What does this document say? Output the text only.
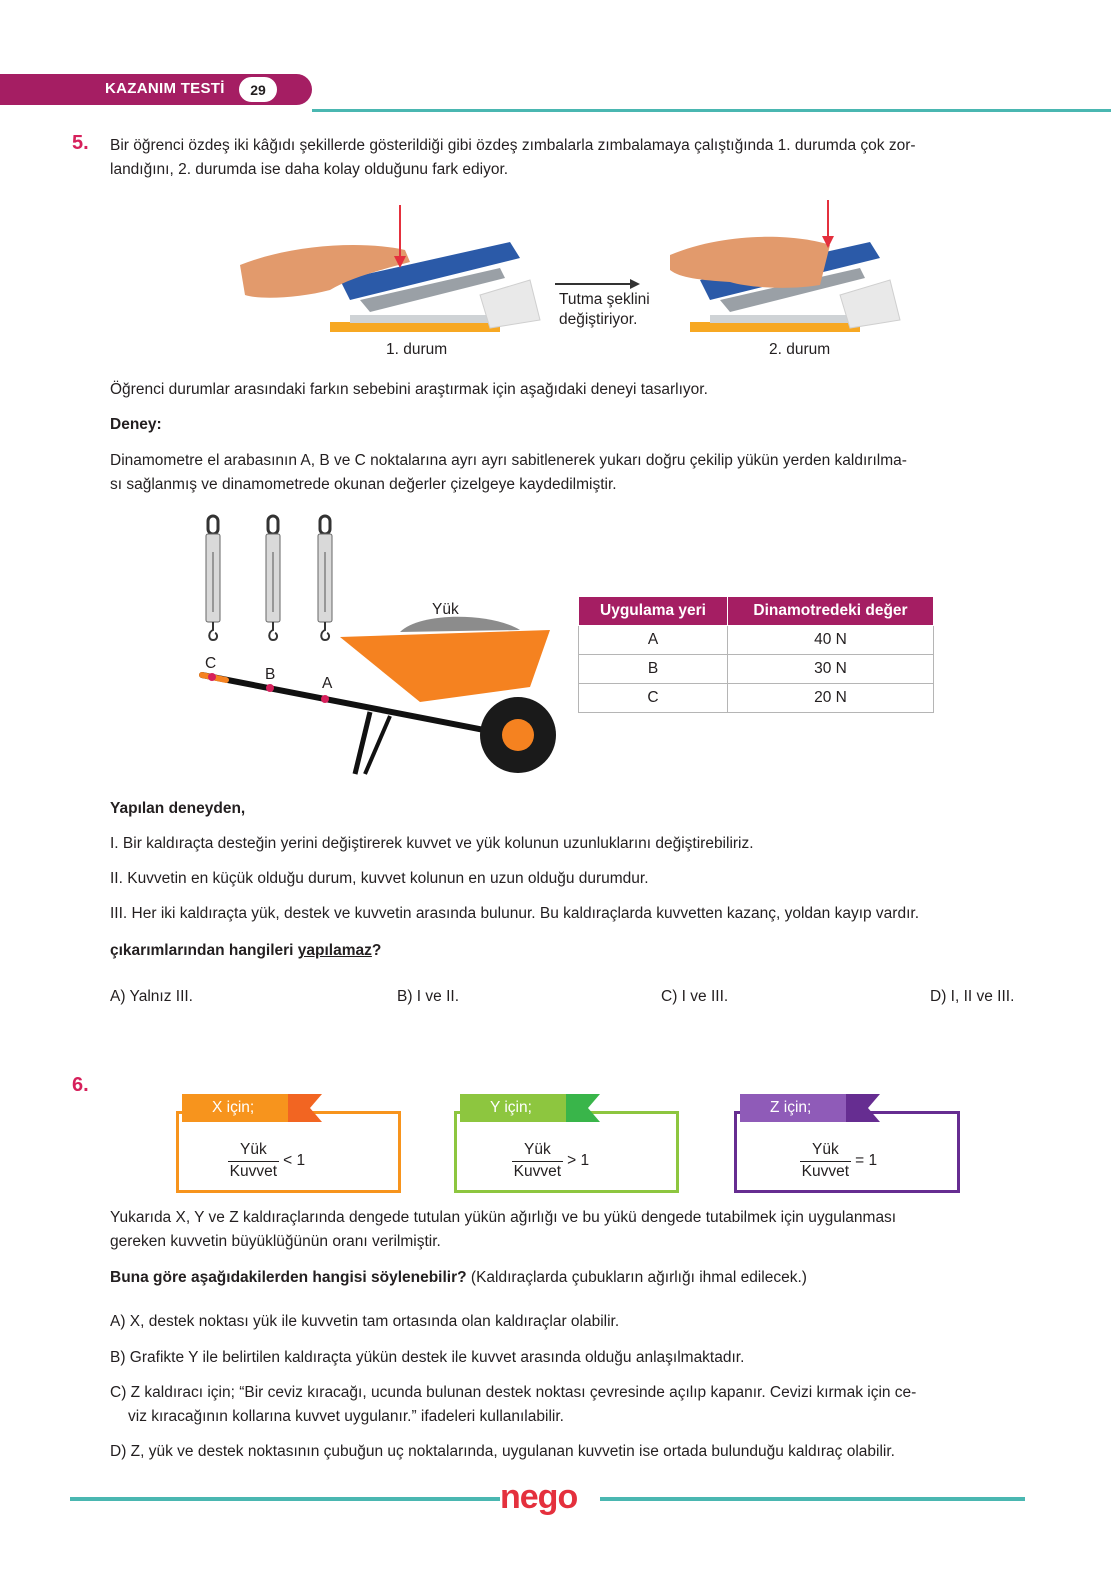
KAZANIM TESTİ	29
5. Bir öğrenci özdeş iki kâğıdı şekillerde gösterildiği gibi özdeş zımbalarla zımbalamaya çalıştığında 1. durumda çok zor-
landığını, 2. durumda ise daha kolay olduğunu fark ediyor.
Tutma şeklini
değiştiriyor.
1. durum	2. durum
Öğrenci durumlar arasındaki farkın sebebini araştırmak için aşağıdaki deneyi tasarlıyor.
Deney:
Dinamometre el arabasının A, B ve C noktalarına ayrı ayrı sabitlenerek yukarı doğru çekilip yükün yerden kaldırılma-
sı sağlanmış ve dinamometrede okunan değerler çizelgeye kaydedilmiştir.
Yük
C
B
A
Uygulama yeri	Dinamotredeki değer
A	40 N
B	30 N
C	20 N
Yapılan deneyden,
I. Bir kaldıraçta desteğin yerini değiştirerek kuvvet ve yük kolunun uzunluklarını değiştirebiliriz.
II. Kuvvetin en küçük olduğu durum, kuvvet kolunun en uzun olduğu durumdur.
III. Her iki kaldıraçta yük, destek ve kuvvetin arasında bulunur. Bu kaldıraçlarda kuvvetten kazanç, yoldan kayıp vardır.
çıkarımlarından hangileri yapılamaz?
A) Yalnız III.	B) I ve II.	C) I ve III.	D) I, II ve III.
6.
X için;
$\frac{\text{Yük}}{\text{Kuvvet}} < 1$
Y için;
$\frac{\text{Yük}}{\text{Kuvvet}} > 1$
Z için;
$\frac{\text{Yük}}{\text{Kuvvet}} = 1$
Yukarıda X, Y ve Z kaldıraçlarında dengede tutulan yükün ağırlığı ve bu yükü dengede tutabilmek için uygulanması
gereken kuvvetin büyüklüğünün oranı verilmiştir.
Buna göre aşağıdakilerden hangisi söylenebilir? (Kaldıraçlarda çubukların ağırlığı ihmal edilecek.)
A) X, destek noktası yük ile kuvvetin tam ortasında olan kaldıraçlar olabilir.
B) Grafikte Y ile belirtilen kaldıraçta yükün destek ile kuvvet arasında olduğu anlaşılmaktadır.
C) Z kaldıracı için; “Bir ceviz kıracağı, ucunda bulunan destek noktası çevresinde açılıp kapanır. Cevizi kırmak için ce-
viz kıracağının kollarına kuvvet uygulanır.” ifadeleri kullanılabilir.
D) Z, yük ve destek noktasının çubuğun uç noktalarında, uygulanan kuvvetin ise ortada bulunduğu kaldıraç olabilir.
nego
